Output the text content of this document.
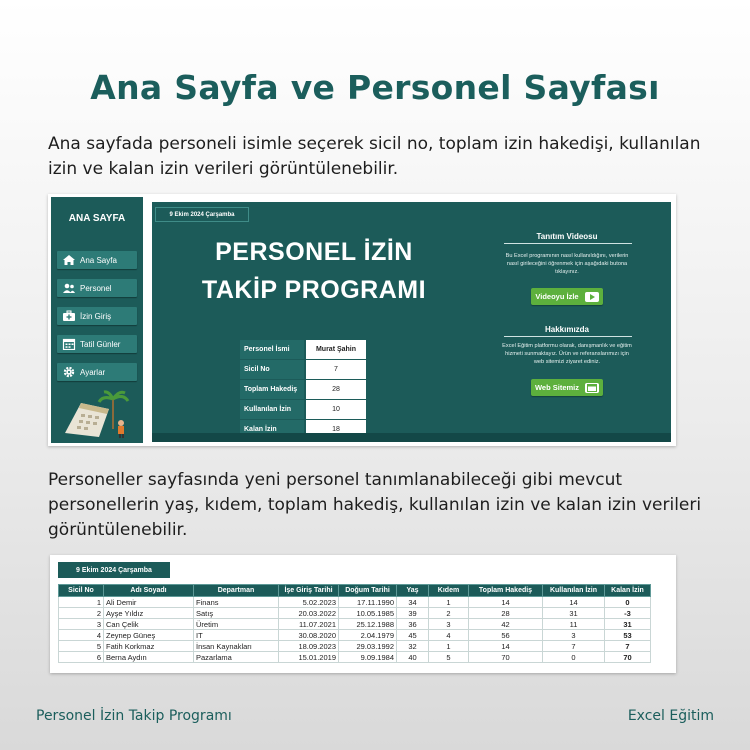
Ana Sayfa ve Personel Sayfası
Ana sayfada personeli isimle seçerek sicil no, toplam izin hakedişi, kullanılan izin ve kalan izin verileri görüntülenebilir.
ANA SAYFA
Ana Sayfa
Personel
İzin Giriş
Tatil Günler
Ayarlar
9 Ekim 2024 Çarşamba
PERSONEL İZİN
TAKİP PROGRAMI
Personel İsmi	Murat Şahin
Sicil No	7
Toplam Hakediş	28
Kullanılan İzin	10
Kalan İzin	18
Tanıtım Videosu
Bu Excel programının nasıl kullanıldığını, verilerin nasıl girileceğini öğrenmek için aşağıdaki butona tıklayınız.
Videoyu İzle
Hakkımızda
Excel Eğitim platformu olarak, danışmanlık ve eğitim hizmeti sunmaktayız. Ürün ve referanslarımızı için web sitemizi ziyaret ediniz.
Web Sitemiz
Personeller sayfasında yeni personel tanımlanabileceği gibi mevcut personellerin yaş, kıdem, toplam hakediş, kullanılan izin ve kalan izin verileri görüntülenebilir.
9 Ekim 2024 Çarşamba
Sicil No	Adı Soyadı	Departman	İşe Giriş Tarihi	Doğum Tarihi	Yaş	Kıdem	Toplam Hakediş	Kullanılan İzin	Kalan İzin
1	Ali Demir	Finans	5.02.2023	17.11.1990	34	1	14	14	0
2	Ayşe Yıldız	Satış	20.03.2022	10.05.1985	39	2	28	31	-3
3	Can Çelik	Üretim	11.07.2021	25.12.1988	36	3	42	11	31
4	Zeynep Güneş	IT	30.08.2020	2.04.1979	45	4	56	3	53
5	Fatih Korkmaz	İnsan Kaynakları	18.09.2023	29.03.1992	32	1	14	7	7
6	Berna Aydın	Pazarlama	15.01.2019	9.09.1984	40	5	70	0	70
Personel İzin Takip Programı	Excel Eğitim
